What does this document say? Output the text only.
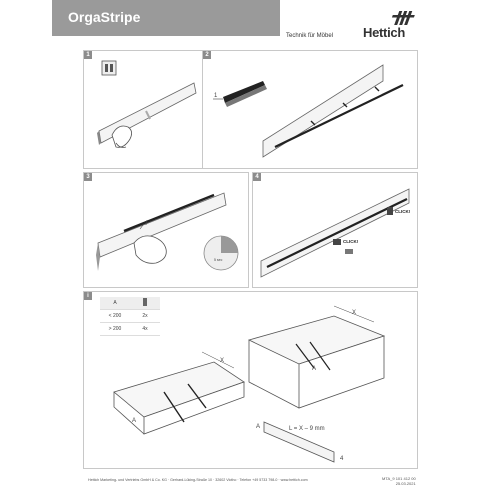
OrgaStripe
Technik für Möbel Hettich
1	2
1
3
5 sec
4
CLICK!
CLICK!
i
X
A
X
A
A	L = X – 9 mm
4
A	
< 200	2x
> 200	4x
Hettich Marketing- und Vertriebs GmbH & Co. KG · Gerhard-Lüking-Straße 10 · 32602 Vlotho · Telefon +49 5733 798-0 · www.hettich.com	MTA_9 101 412 00
25.03.2021
